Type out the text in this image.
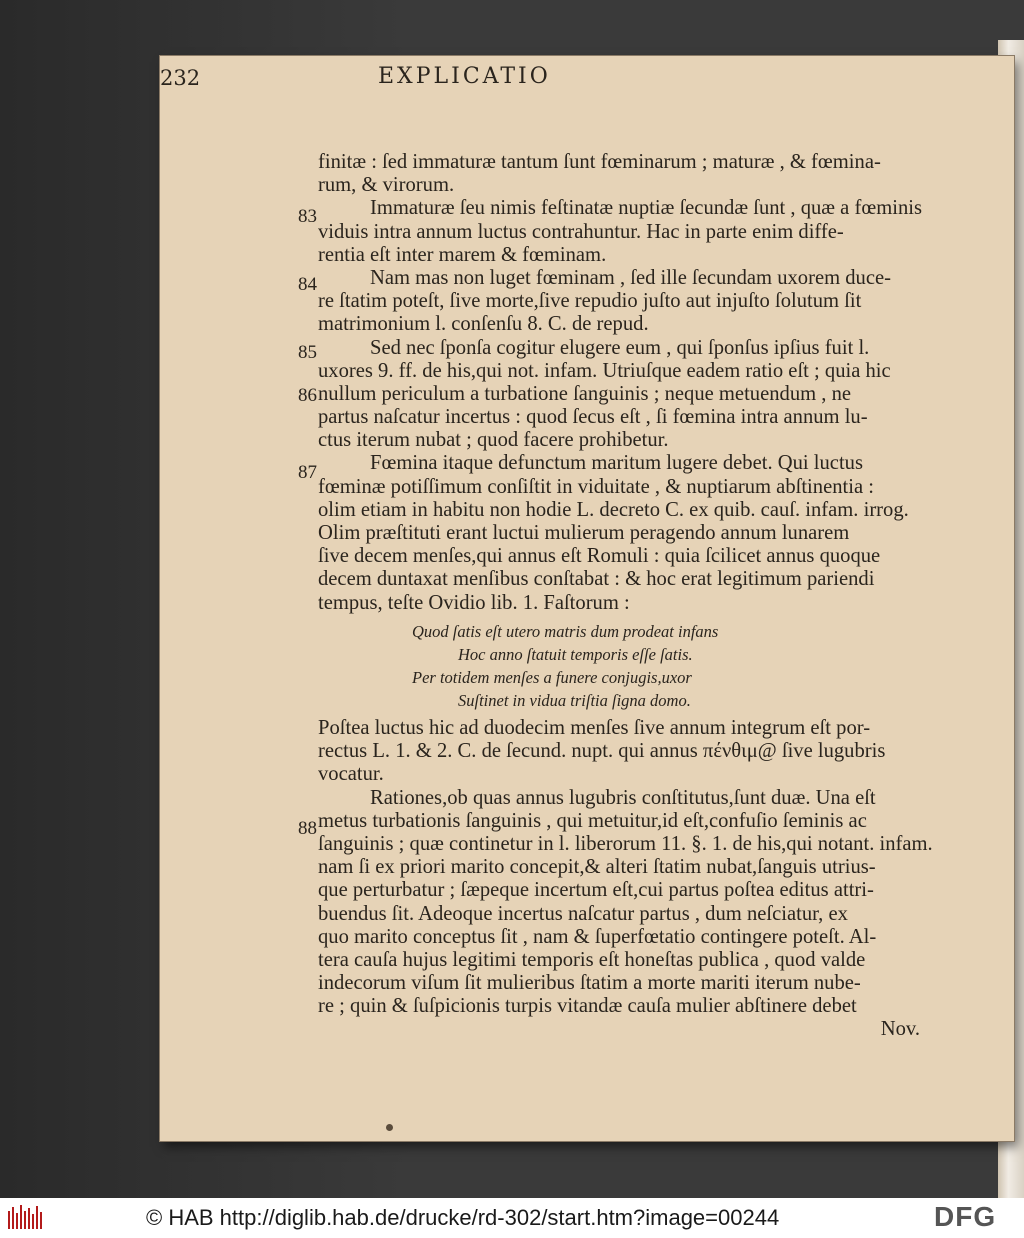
232	EXPLICATIO
83
84
85
86
87
88
finitæ : ſed immaturæ tantum ſunt fœminarum ; maturæ , & fœmina-
rum, & virorum.
Immaturæ ſeu nimis feſtinatæ nuptiæ ſecundæ ſunt , quæ a fœminis
viduis intra annum luctus contrahuntur. Hac in parte enim diffe-
rentia eſt inter marem & fœminam.
Nam mas non luget fœminam , ſed ille ſecundam uxorem duce-
re ſtatim poteſt, ſive morte,ſive repudio juſto aut injuſto ſolutum ſit
matrimonium l. conſenſu 8. C. de repud.
Sed nec ſponſa cogitur elugere eum , qui ſponſus ipſius fuit l.
uxores 9. ff. de his,qui not. infam. Utriuſque eadem ratio eſt ; quia hic
nullum periculum a turbatione ſanguinis ; neque metuendum , ne
partus naſcatur incertus : quod ſecus eſt , ſi fœmina intra annum lu-
ctus iterum nubat ; quod facere prohibetur.
Fœmina itaque defunctum maritum lugere debet. Qui luctus
fœminæ potiſſimum conſiſtit in viduitate , & nuptiarum abſtinentia :
olim etiam in habitu non hodie L. decreto C. ex quib. cauſ. infam. irrog.
Olim præſtituti erant luctui mulierum peragendo annum lunarem
ſive decem menſes,qui annus eſt Romuli : quia ſcilicet annus quoque
decem duntaxat menſibus conſtabat : & hoc erat legitimum pariendi
tempus, teſte Ovidio lib. 1. Faſtorum :
Quod ſatis eſt utero matris dum prodeat infans
Hoc anno ſtatuit temporis eſſe ſatis.
Per totidem menſes a funere conjugis,uxor
Suſtinet in vidua triſtia ſigna domo.
Poſtea luctus hic ad duodecim menſes ſive annum integrum eſt por-
rectus L. 1. & 2. C. de ſecund. nupt. qui annus πένθιμ@ ſive lugubris
vocatur.
Rationes,ob quas annus lugubris conſtitutus,ſunt duæ. Una eſt
metus turbationis ſanguinis , qui metuitur,id eſt,confuſio ſeminis ac
ſanguinis ; quæ continetur in l. liberorum 11. §. 1. de his,qui notant. infam.
nam ſi ex priori marito concepit,& alteri ſtatim nubat,ſanguis utrius-
que perturbatur ; ſæpeque incertum eſt,cui partus poſtea editus attri-
buendus ſit. Adeoque incertus naſcatur partus , dum neſciatur, ex
quo marito conceptus ſit , nam & ſuperfœtatio contingere poteſt. Al-
tera cauſa hujus legitimi temporis eſt honeſtas publica , quod valde
indecorum viſum ſit mulieribus ſtatim a morte mariti iterum nube-
re ; quin & ſuſpicionis turpis vitandæ cauſa mulier abſtinere debet
Nov.
© HAB http://diglib.hab.de/drucke/rd-302/start.htm?image=00244	DFG
